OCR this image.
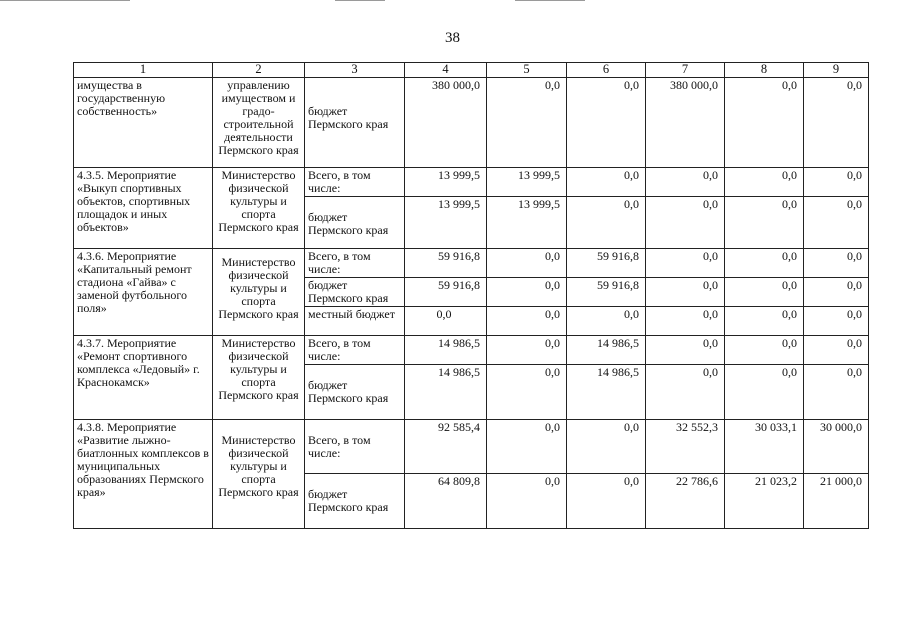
38
1	2	3	4	5	6	7	8	9
имущества в государственную собственность»	управлению имуществом и градо-строительной деятельности Пермского края	бюджет Пермского края	380 000,0	0,0	0,0	380 000,0	0,0	0,0
4.3.5. Мероприятие «Выкуп спортивных объектов, спортивных площадок и иных объектов»	Министерство физической культуры и спорта Пермского края	Всего, в том числе:	13 999,5	13 999,5	0,0	0,0	0,0	0,0

бюджет Пермского края	13 999,5	13 999,5	0,0	0,0	0,0	0,0
4.3.6. Мероприятие «Капитальный ремонт стадиона «Гайва» с заменой футбольного поля»	Министерство физической культуры и спорта Пермского края	Всего, в том числе:	59 916,8	0,0	59 916,8	0,0	0,0	0,0
		бюджет Пермского края	59 916,8	0,0	59 916,8	0,0	0,0	0,0
		местный бюджет	0,0	0,0	0,0	0,0	0,0	0,0
4.3.7. Мероприятие «Ремонт спортивного комплекса «Ледовый» г. Краснокамск»	Министерство физической культуры и спорта Пермского края	Всего, в том числе:	14 986,5	0,0	14 986,5	0,0	0,0	0,0

бюджет Пермского края	14 986,5	0,0	14 986,5	0,0	0,0	0,0
4.3.8. Мероприятие «Развитие лыжно-биатлонных комплексов в муниципальных образованиях Пермского края»	Министерство физической культуры и спорта Пермского края	Всего, в том числе:	92 585,4	0,0	0,0	32 552,3	30 033,1	30 000,0

бюджет Пермского края	64 809,8	0,0	0,0	22 786,6	21 023,2	21 000,0
